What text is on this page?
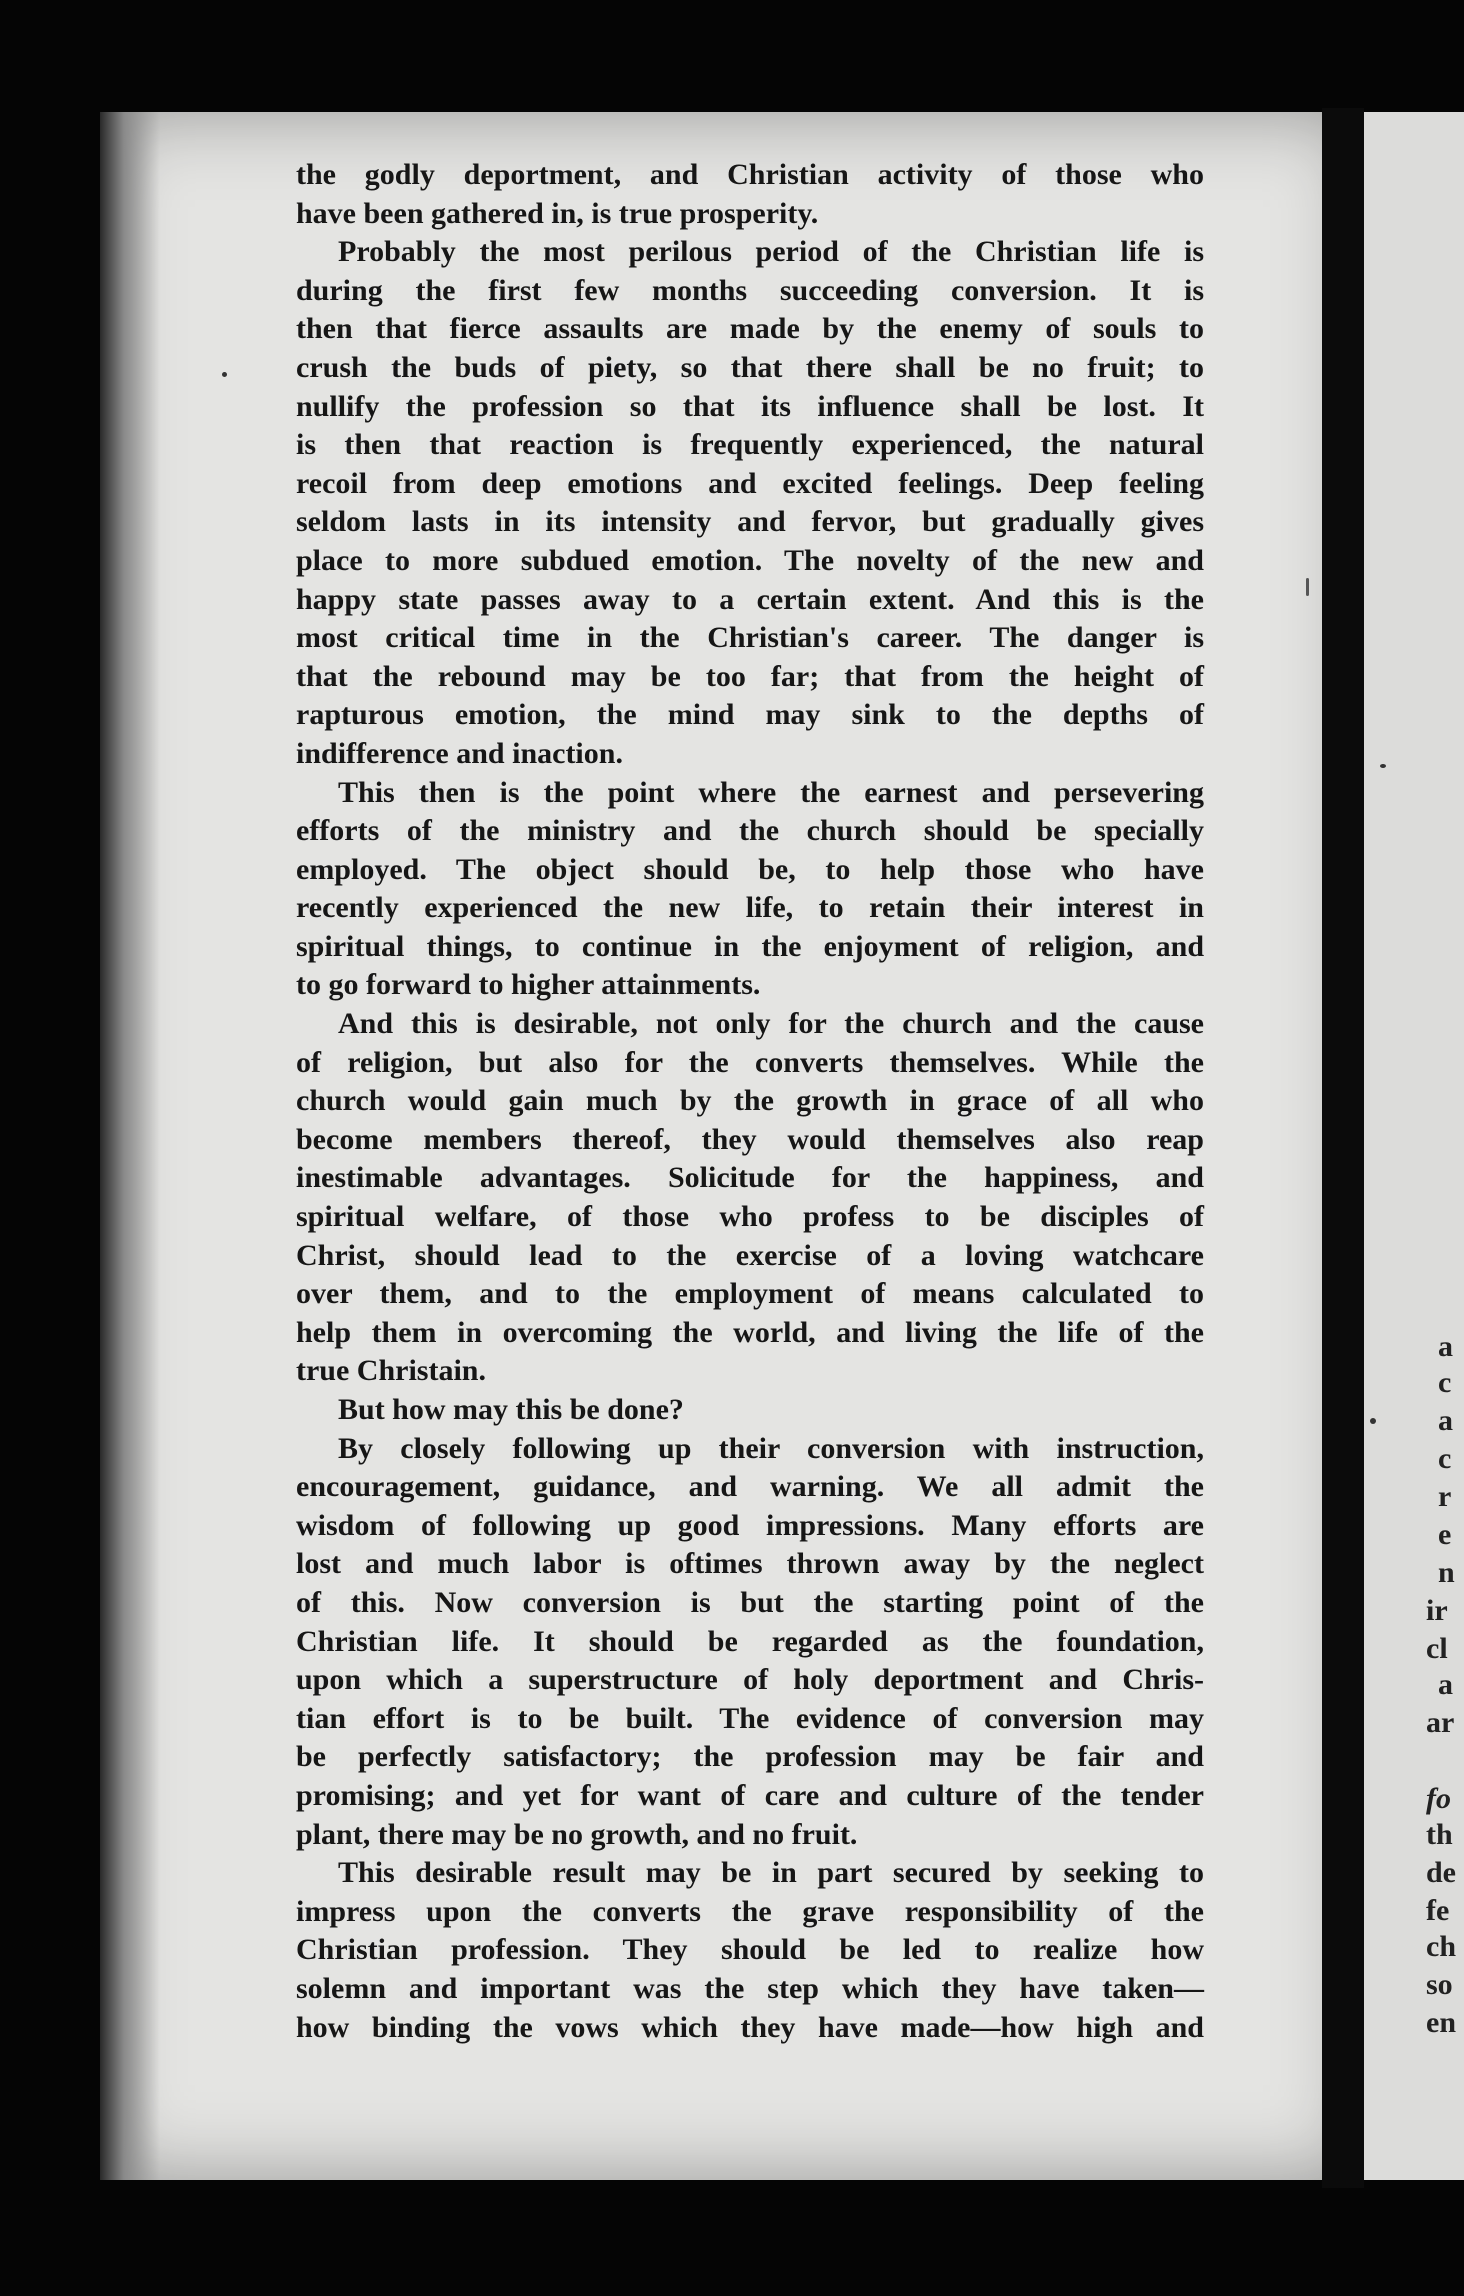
a
c
a
c
r
e
n
ir
cl
a
ar
fo
th
de
fe
ch
so
en
the godly deportment, and Christian activity of those who
have been gathered in, is true prosperity.
Probably the most perilous period of the Christian life is
during the first few months succeeding conversion. It is
then that fierce assaults are made by the enemy of souls to
crush the buds of piety, so that there shall be no fruit; to
nullify the profession so that its influence shall be lost. It
is then that reaction is frequently experienced, the natural
recoil from deep emotions and excited feelings. Deep feeling
seldom lasts in its intensity and fervor, but gradually gives
place to more subdued emotion. The novelty of the new and
happy state passes away to a certain extent. And this is the
most critical time in the Christian's career. The danger is
that the rebound may be too far; that from the height of
rapturous emotion, the mind may sink to the depths of
indifference and inaction.
This then is the point where the earnest and persevering
efforts of the ministry and the church should be specially
employed. The object should be, to help those who have
recently experienced the new life, to retain their interest in
spiritual things, to continue in the enjoyment of religion, and
to go forward to higher attainments.
And this is desirable, not only for the church and the cause
of religion, but also for the converts themselves. While the
church would gain much by the growth in grace of all who
become members thereof, they would themselves also reap
inestimable advantages. Solicitude for the happiness, and
spiritual welfare, of those who profess to be disciples of
Christ, should lead to the exercise of a loving watchcare
over them, and to the employment of means calculated to
help them in overcoming the world, and living the life of the
true Christain.
But how may this be done?
By closely following up their conversion with instruction,
encouragement, guidance, and warning. We all admit the
wisdom of following up good impressions. Many efforts are
lost and much labor is oftimes thrown away by the neglect
of this. Now conversion is but the starting point of the
Christian life. It should be regarded as the foundation,
upon which a superstructure of holy deportment and Chris-
tian effort is to be built. The evidence of conversion may
be perfectly satisfactory; the profession may be fair and
promising; and yet for want of care and culture of the tender
plant, there may be no growth, and no fruit.
This desirable result may be in part secured by seeking to
impress upon the converts the grave responsibility of the
Christian profession. They should be led to realize how
solemn and important was the step which they have taken—
how binding the vows which they have made—how high and
